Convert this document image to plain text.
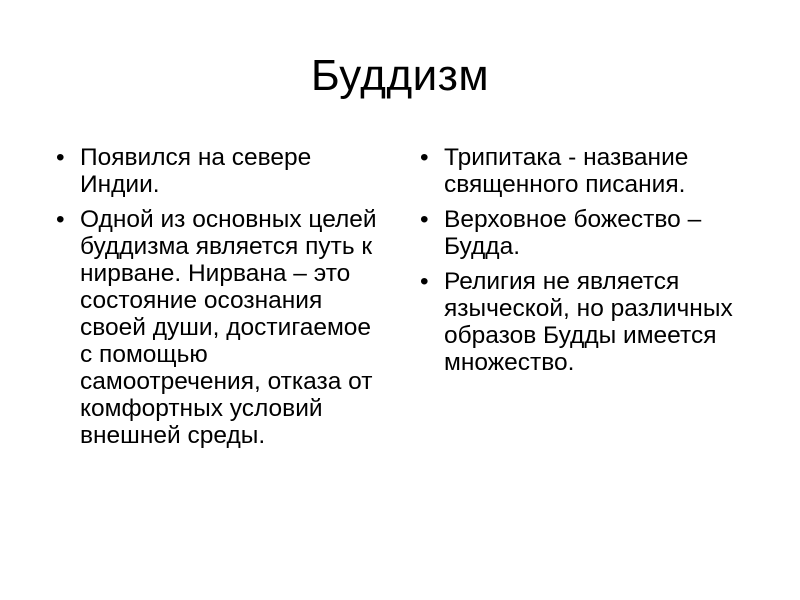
Буддизм
• Появился на севере Индии.
• Одной из основных целей буддизма является путь к нирване. Нирвана – это состояние осознания своей души, достигаемое с помощью самоотречения, отказа от комфортных условий внешней среды.
• Трипитака - название священного писания.
• Верховное божество – Будда.
• Религия не является языческой, но различных образов Будды имеется множество.
